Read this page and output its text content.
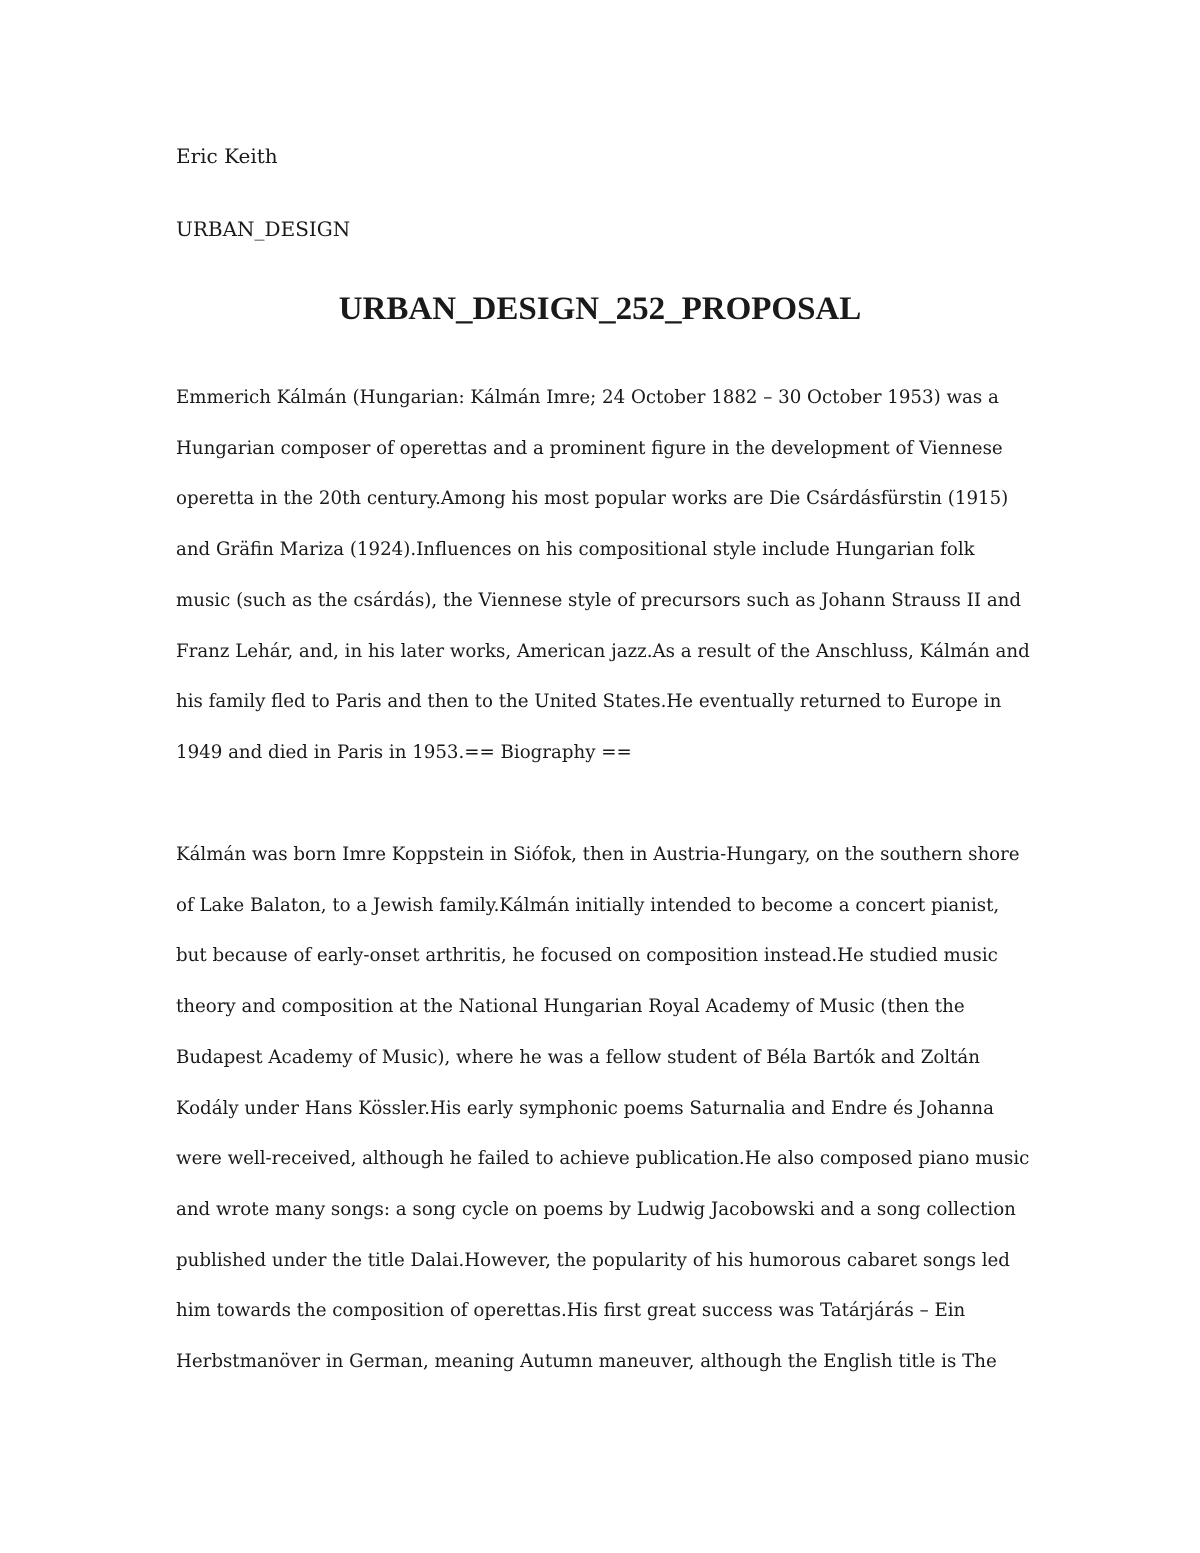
Eric Keith
URBAN_DESIGN
URBAN_DESIGN_252_PROPOSAL

Emmerich Kálmán (Hungarian: Kálmán Imre; 24 October 1882 – 30 October 1953) was a
Hungarian composer of operettas and a prominent figure in the development of Viennese
operetta in the 20th century.Among his most popular works are Die Csárdásfürstin (1915)
and Gräfin Mariza (1924).Influences on his compositional style include Hungarian folk
music (such as the csárdás), the Viennese style of precursors such as Johann Strauss II and
Franz Lehár, and, in his later works, American jazz.As a result of the Anschluss, Kálmán and
his family fled to Paris and then to the United States.He eventually returned to Europe in
1949 and died in Paris in 1953.== Biography ==

Kálmán was born Imre Koppstein in Siófok, then in Austria-Hungary, on the southern shore
of Lake Balaton, to a Jewish family.Kálmán initially intended to become a concert pianist,
but because of early-onset arthritis, he focused on composition instead.He studied music
theory and composition at the National Hungarian Royal Academy of Music (then the
Budapest Academy of Music), where he was a fellow student of Béla Bartók and Zoltán
Kodály under Hans Kössler.His early symphonic poems Saturnalia and Endre és Johanna
were well-received, although he failed to achieve publication.He also composed piano music
and wrote many songs: a song cycle on poems by Ludwig Jacobowski and a song collection
published under the title Dalai.However, the popularity of his humorous cabaret songs led
him towards the composition of operettas.His first great success was Tatárjárás – Ein
Herbstmanöver in German, meaning Autumn maneuver, although the English title is The
